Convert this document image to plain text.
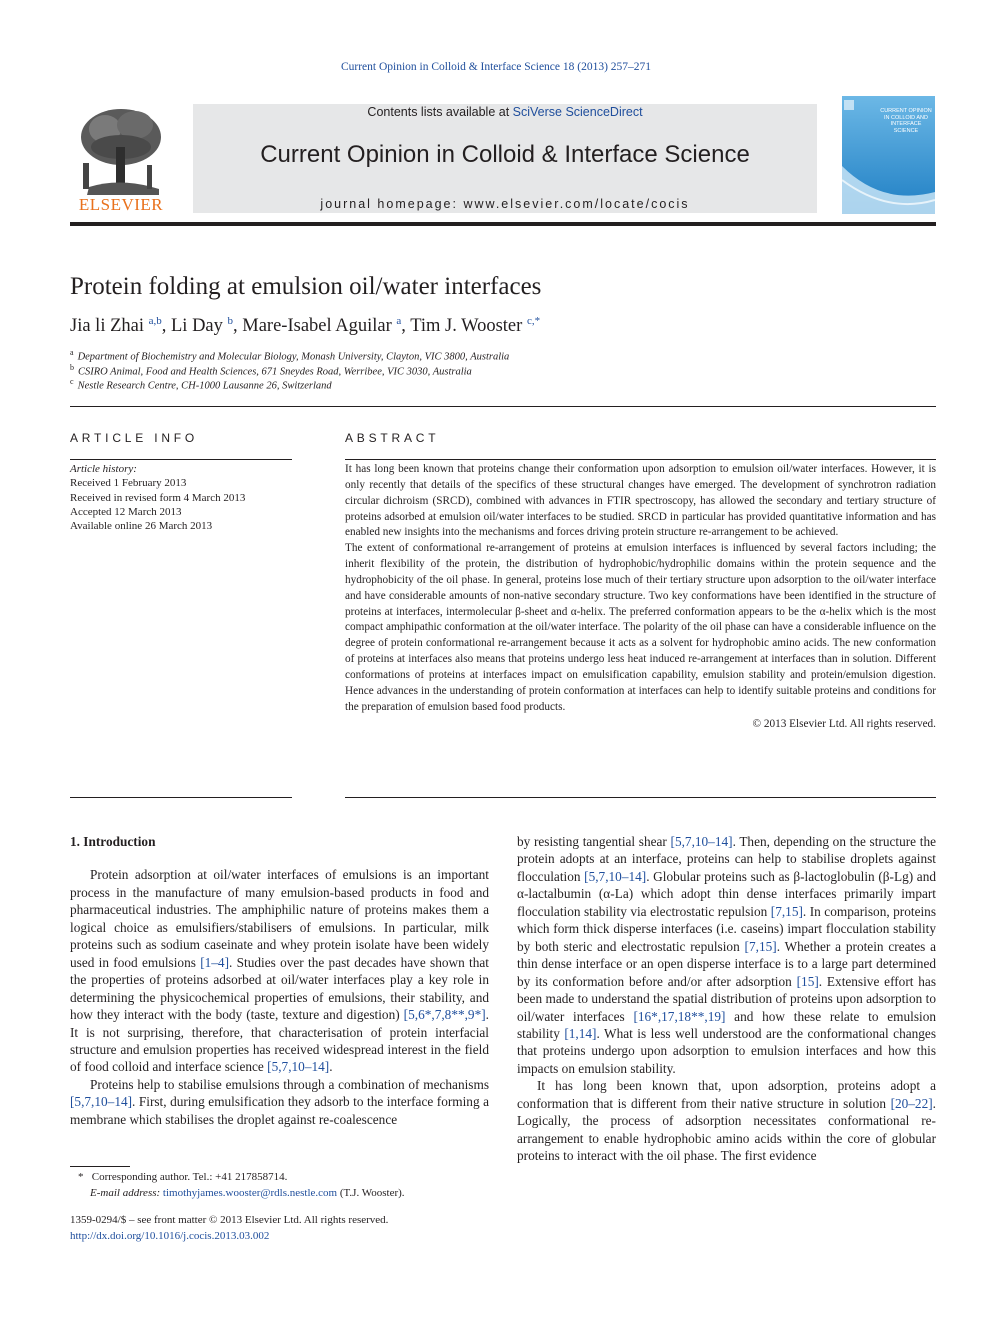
Current Opinion in Colloid & Interface Science 18 (2013) 257–271
ELSEVIER
Contents lists available at SciVerse ScienceDirect
Current Opinion in Colloid & Interface Science
journal homepage: www.elsevier.com/locate/cocis
CURRENT OPINION IN COLLOID AND INTERFACE SCIENCE
Protein folding at emulsion oil/water interfaces
Jia li Zhai $^{a,b}$, Li Day $^b$, Mare-Isabel Aguilar $^a$, Tim J. Wooster $^{c,*}$
$^a$ Department of Biochemistry and Molecular Biology, Monash University, Clayton, VIC 3800, Australia
$^b$ CSIRO Animal, Food and Health Sciences, 671 Sneydes Road, Werribee, VIC 3030, Australia
$^c$ Nestle Research Centre, CH-1000 Lausanne 26, Switzerland
ARTICLE INFO
Article history:
Received 1 February 2013
Received in revised form 4 March 2013
Accepted 12 March 2013
Available online 26 March 2013
ABSTRACT

It has long been known that proteins change their conformation upon adsorption to emulsion oil/water interfaces. However, it is only recently that details of the specifics of these structural changes have emerged. The development of synchrotron radiation circular dichroism (SRCD), combined with advances in FTIR spectroscopy, has allowed the secondary and tertiary structure of proteins adsorbed at emulsion oil/water interfaces to be studied. SRCD in particular has provided quantitative information and has enabled new insights into the mechanisms and forces driving protein structure re-arrangement to be achieved.

The extent of conformational re-arrangement of proteins at emulsion interfaces is influenced by several factors including; the inherit flexibility of the protein, the distribution of hydrophobic/hydrophilic domains within the protein sequence and the hydrophobicity of the oil phase. In general, proteins lose much of their tertiary structure upon adsorption to the oil/water interface and have considerable amounts of non-native secondary structure. Two key conformations have been identified in the structure of proteins at interfaces, intermolecular β-sheet and α-helix. The preferred conformation appears to be the α-helix which is the most compact amphipathic conformation at the oil/water interface. The polarity of the oil phase can have a considerable influence on the degree of protein conformational re-arrangement because it acts as a solvent for hydrophobic amino acids. The new conformation of proteins at interfaces also means that proteins undergo less heat induced re-arrangement at interfaces than in solution. Different conformations of proteins at interfaces impact on emulsification capability, emulsion stability and protein/emulsion digestion. Hence advances in the understanding of protein conformation at interfaces can help to identify suitable proteins and conditions for the preparation of emulsion based food products.

© 2013 Elsevier Ltd. All rights reserved.

1. Introduction

Protein adsorption at oil/water interfaces of emulsions is an important process in the manufacture of many emulsion-based products in food and pharmaceutical industries. The amphiphilic nature of proteins makes them a logical choice as emulsifiers/stabilisers of emulsions. In particular, milk proteins such as sodium caseinate and whey protein isolate have been widely used in food emulsions [1–4]. Studies over the past decades have shown that the properties of proteins adsorbed at oil/water interfaces play a key role in determining the physicochemical properties of emulsions, their stability, and how they interact with the body (taste, texture and digestion) [5,6*,7,8**,9*]. It is not surprising, therefore, that characterisation of protein interfacial structure and emulsion properties has received widespread interest in the field of food colloid and interface science [5,7,10–14].

Proteins help to stabilise emulsions through a combination of mechanisms [5,7,10–14]. First, during emulsification they adsorb to the interface forming a membrane which stabilises the droplet against re-coalescence

by resisting tangential shear [5,7,10–14]. Then, depending on the structure the protein adopts at an interface, proteins can help to stabilise droplets against flocculation [5,7,10–14]. Globular proteins such as β-lactoglobulin (β-Lg) and α-lactalbumin (α-La) which adopt thin dense interfaces primarily impart flocculation stability via electrostatic repulsion [7,15]. In comparison, proteins which form thick disperse interfaces (i.e. caseins) impart flocculation stability by both steric and electrostatic repulsion [7,15]. Whether a protein creates a thin dense interface or an open disperse interface is to a large part determined by its conformation before and/or after adsorption [15]. Extensive effort has been made to understand the spatial distribution of proteins upon adsorption to oil/water interfaces [16*,17,18**,19] and how these relate to emulsion stability [1,14]. What is less well understood are the conformational changes that proteins undergo upon adsorption to emulsion interfaces and how this impacts on emulsion stability.

It has long been known that, upon adsorption, proteins adopt a conformation that is different from their native structure in solution [20–22]. Logically, the process of adsorption necessitates conformational re-arrangement to enable hydrophobic amino acids within the core of globular proteins to interact with the oil phase. The first evidence

* Corresponding author. Tel.: +41 217858714.
E-mail address: timothyjames.wooster@rdls.nestle.com (T.J. Wooster).
1359-0294/$ – see front matter © 2013 Elsevier Ltd. All rights reserved.
http://dx.doi.org/10.1016/j.cocis.2013.03.002
